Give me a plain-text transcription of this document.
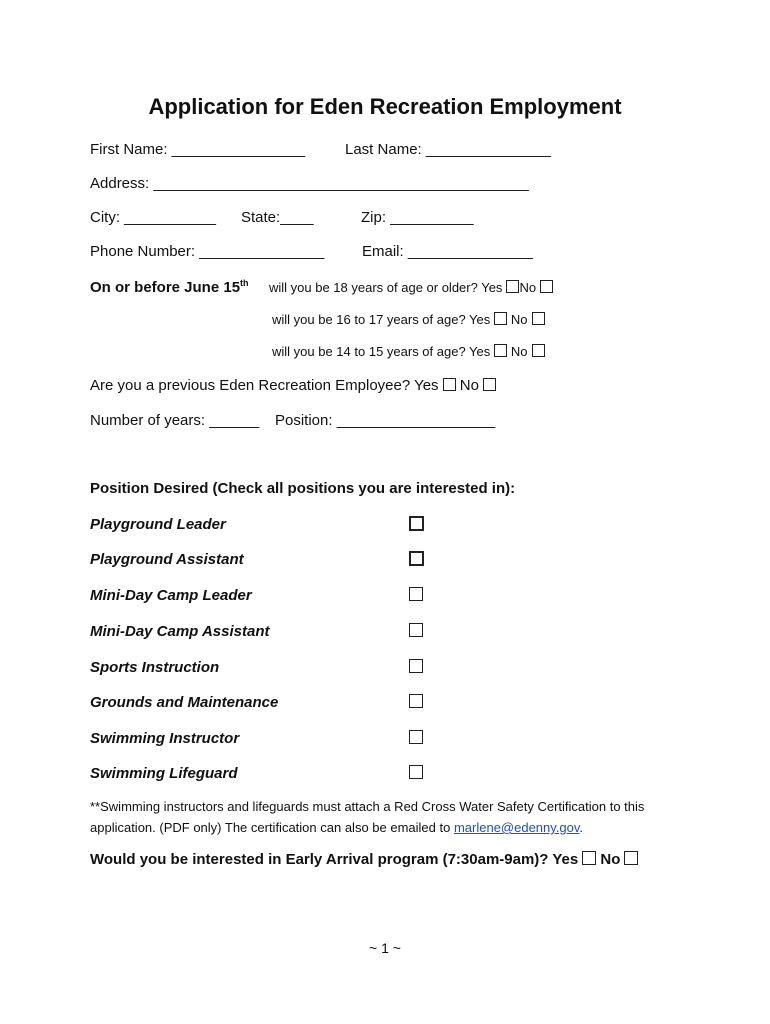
Application for Eden Recreation Employment
First Name: ________________	Last Name: _______________
Address: _____________________________________________
City: ___________ State:____	Zip: __________
Phone Number: _______________	Email: _______________
On or before June 15th will you be 18 years of age or older? Yes No
will you be 16 to 17 years of age? Yes No
will you be 14 to 15 years of age? Yes No
Are you a previous Eden Recreation Employee? Yes No
Number of years: ______ Position: ___________________
Position Desired (Check all positions you are interested in):
Playground Leader
Playground Assistant
Mini-Day Camp Leader
Mini-Day Camp Assistant
Sports Instruction
Grounds and Maintenance
Swimming Instructor
Swimming Lifeguard
**Swimming instructors and lifeguards must attach a Red Cross Water Safety Certification to this application. (PDF only) The certification can also be emailed to marlene@edenny.gov.
Would you be interested in Early Arrival program (7:30am-9am)? Yes No
~ 1 ~
